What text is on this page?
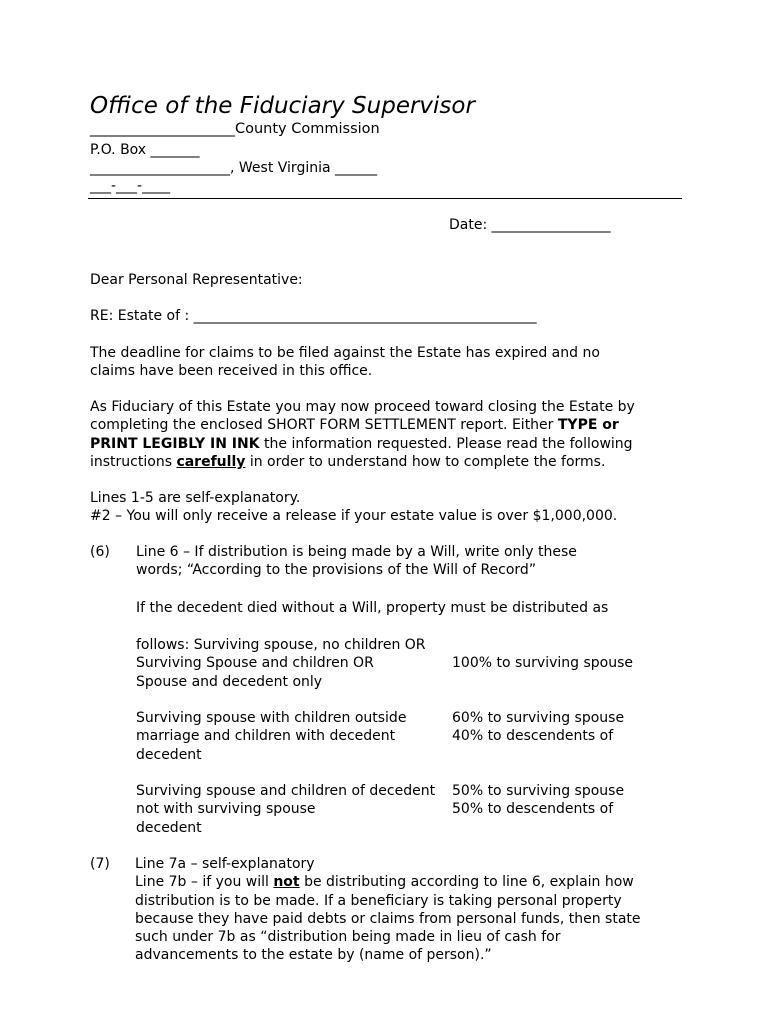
Office of the Fiduciary Supervisor
____________________County Commission
P.O. Box _______
____________________, West Virginia ______
___-___-____
Date: _________________
Dear Personal Representative:
RE: Estate of : _________________________________________________
The deadline for claims to be filed against the Estate has expired and no
claims have been received in this office.
As Fiduciary of this Estate you may now proceed toward closing the Estate by
completing the enclosed SHORT FORM SETTLEMENT report. Either TYPE or
PRINT LEGIBLY IN INK the information requested. Please read the following
instructions carefully in order to understand how to complete the forms.
Lines 1-5 are self-explanatory.
#2 – You will only receive a release if your estate value is over $1,000,000.
(6) Line 6 – If distribution is being made by a Will, write only these
words; “According to the provisions of the Will of Record”
If the decedent died without a Will, property must be distributed as
follows: Surviving spouse, no children OR
Surviving Spouse and children OR
Spouse and decedent only
100% to surviving spouse
Surviving spouse with children outside
marriage and children with decedent
decedent
60% to surviving spouse
40% to descendents of
Surviving spouse and children of decedent
not with surviving spouse
decedent
50% to surviving spouse
50% to descendents of
(7) Line 7a – self-explanatory
Line 7b – if you will not be distributing according to line 6, explain how
distribution is to be made. If a beneficiary is taking personal property
because they have paid debts or claims from personal funds, then state
such under 7b as “distribution being made in lieu of cash for
advancements to the estate by (name of person).”
